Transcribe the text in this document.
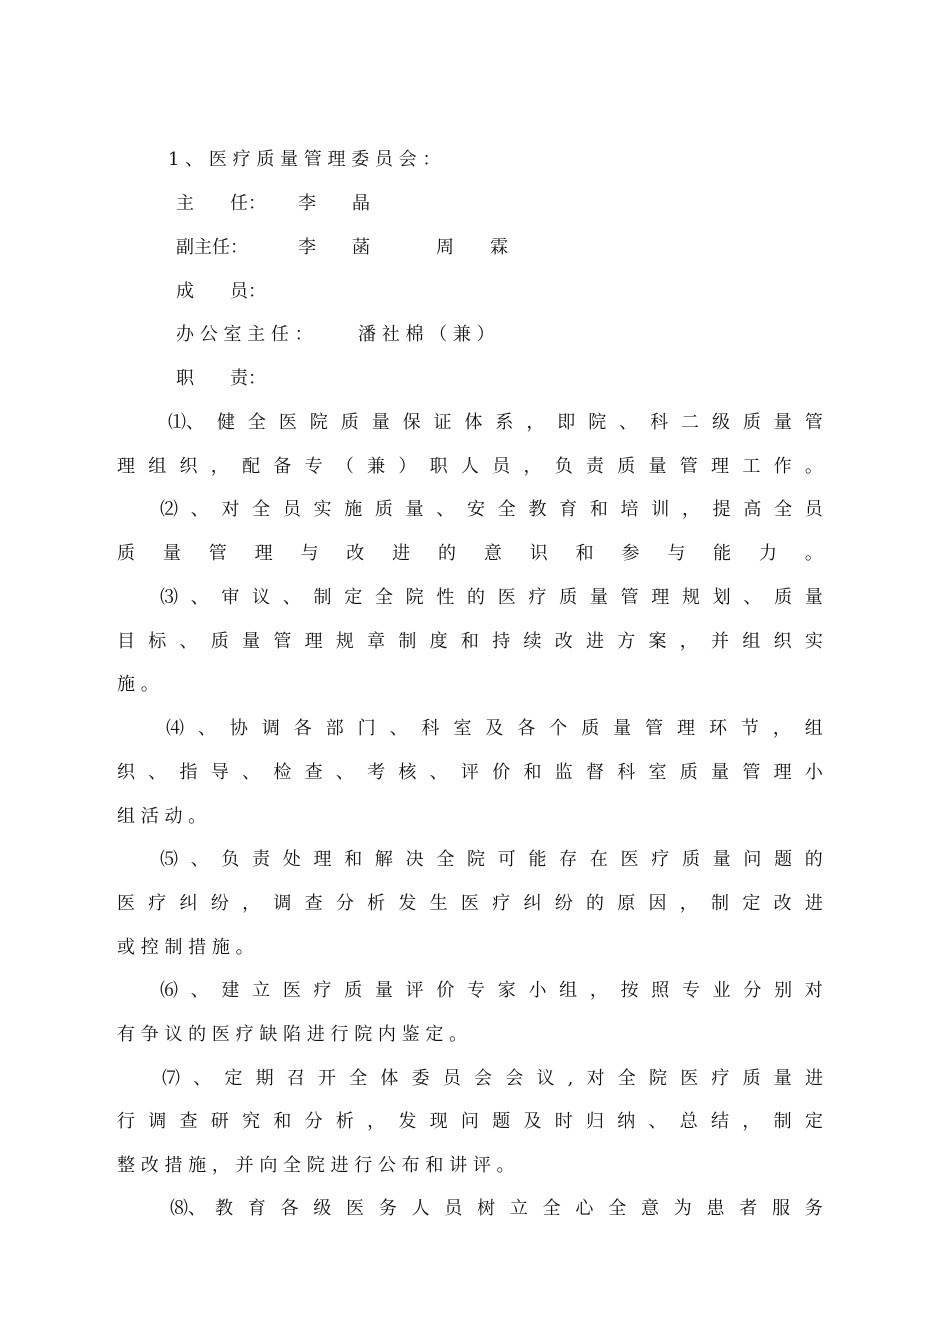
1 、 医 疗 质 量 管 理 委 员 会 ：
主　　任： 李　　晶
副主任：	李　　菡	周　　霖
成　　员：
办 公 室 主 任 ：	潘 社 棉 （ 兼 ）
职　　责：
⑴、 健 全 医 院 质 量 保 证 体 系 ， 即 院 、 科 二 级 质 量 管
理 组 织 ， 配 备 专 （ 兼 ） 职 人 员 ， 负 责 质 量 管 理 工 作 。
⑵ 、 对 全 员 实 施 质 量 、 安 全 教 育 和 培 训 ， 提 高 全 员
质 量 管 理 与 改 进 的 意 识 和 参 与 能 力 。
⑶ 、 审 议 、 制 定 全 院 性 的 医 疗 质 量 管 理 规 划 、 质 量
目 标 、 质 量 管 理 规 章 制 度 和 持 续 改 进 方 案 ， 并 组 织 实
施 。
⑷ 、 协 调 各 部 门 、 科 室 及 各 个 质 量 管 理 环 节 ， 组
织 、 指 导 、 检 查 、 考 核 、 评 价 和 监 督 科 室 质 量 管 理 小
组 活 动 。
⑸ 、 负 责 处 理 和 解 决 全 院 可 能 存 在 医 疗 质 量 问 题 的
医 疗 纠 纷 ， 调 查 分 析 发 生 医 疗 纠 纷 的 原 因 ， 制 定 改 进
或 控 制 措 施 。
⑹ 、 建 立 医 疗 质 量 评 价 专 家 小 组 ， 按 照 专 业 分 别 对
有 争 议 的 医 疗 缺 陷 进 行 院 内 鉴 定 。
⑺ 、 定 期 召 开 全 体 委 员 会 会 议 , 对 全 院 医 疗 质 量 进
行 调 查 研 究 和 分 析 ， 发 现 问 题 及 时 归 纳 、 总 结 ， 制 定
整 改 措 施 ， 并 向 全 院 进 行 公 布 和 讲 评 。
⑻、　教 育 各 级 医 务 人 员 树 立 全 心 全 意 为 患 者 服 务
